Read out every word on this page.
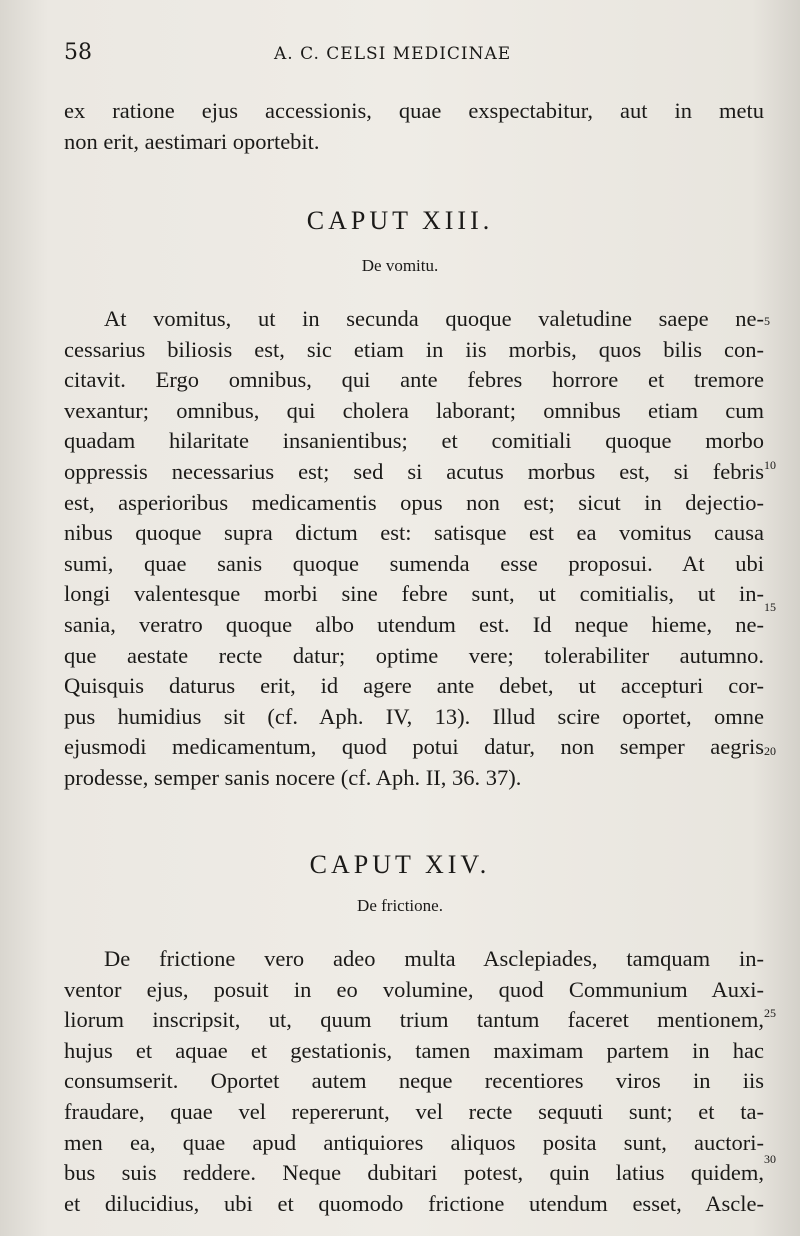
58	A. C. CELSI MEDICINAE
ex ratione ejus accessionis, quae exspectabitur, aut in metu
non erit, aestimari oportebit.
CAPUT XIII.
De vomitu.
At vomitus, ut in secunda quoque valetudine saepe ne-
cessarius biliosis est, sic etiam in iis morbis, quos bilis con-
citavit. Ergo omnibus, qui ante febres horrore et tremore
vexantur; omnibus, qui cholera laborant; omnibus etiam cum
quadam hilaritate insanientibus; et comitiali quoque morbo
oppressis necessarius est; sed si acutus morbus est, si febris
est, asperioribus medicamentis opus non est; sicut in dejectio-
nibus quoque supra dictum est: satisque est ea vomitus causa
sumi, quae sanis quoque sumenda esse proposui. At ubi
longi valentesque morbi sine febre sunt, ut comitialis, ut in-
sania, veratro quoque albo utendum est. Id neque hieme, ne-
que aestate recte datur; optime vere; tolerabiliter autumno.
Quisquis daturus erit, id agere ante debet, ut accepturi cor-
pus humidius sit (cf. Aph. IV, 13). Illud scire oportet, omne
ejusmodi medicamentum, quod potui datur, non semper aegris
prodesse, semper sanis nocere (cf. Aph. II, 36. 37).
CAPUT XIV.
De frictione.
De frictione vero adeo multa Asclepiades, tamquam in-
ventor ejus, posuit in eo volumine, quod Communium Auxi-
liorum inscripsit, ut, quum trium tantum faceret mentionem,
hujus et aquae et gestationis, tamen maximam partem in hac
consumserit. Oportet autem neque recentiores viros in iis
fraudare, quae vel repererunt, vel recte sequuti sunt; et ta-
men ea, quae apud antiquiores aliquos posita sunt, auctori-
bus suis reddere. Neque dubitari potest, quin latius quidem,
et dilucidius, ubi et quomodo frictione utendum esset, Ascle-
5
10
15
20
25
30
